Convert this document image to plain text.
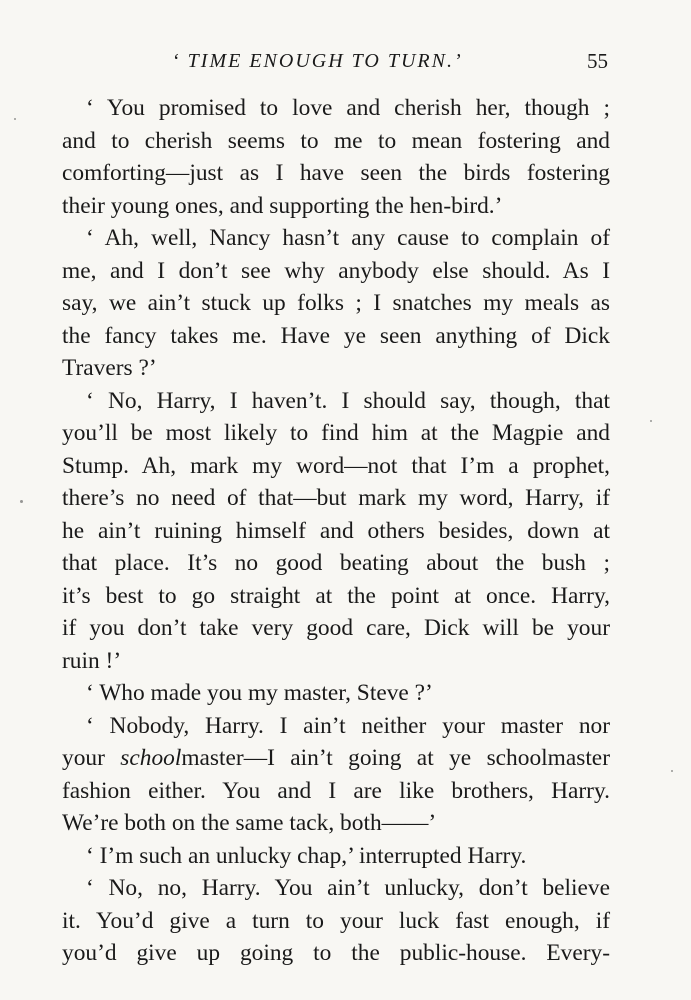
‘ TIME ENOUGH TO TURN.’	55
‘ You promised to love and cherish her, though ;
and to cherish seems to me to mean fostering and
comforting—just as I have seen the birds fostering
their young ones, and supporting the hen-bird.’
‘ Ah, well, Nancy hasn’t any cause to complain of
me, and I don’t see why anybody else should. As I
say, we ain’t stuck up folks ; I snatches my meals as
the fancy takes me. Have ye seen anything of Dick
Travers ?’
‘ No, Harry, I haven’t. I should say, though, that
you’ll be most likely to find him at the Magpie and
Stump. Ah, mark my word—not that I’m a prophet,
there’s no need of that—but mark my word, Harry, if
he ain’t ruining himself and others besides, down at
that place. It’s no good beating about the bush ;
it’s best to go straight at the point at once. Harry,
if you don’t take very good care, Dick will be your
ruin !’
‘ Who made you my master, Steve ?’
‘ Nobody, Harry. I ain’t neither your master nor
your schoolmaster—I ain’t going at ye schoolmaster
fashion either. You and I are like brothers, Harry.
We’re both on the same tack, both——’
‘ I’m such an unlucky chap,’ interrupted Harry.
‘ No, no, Harry. You ain’t unlucky, don’t believe
it. You’d give a turn to your luck fast enough, if
you’d give up going to the public-house. Every-
